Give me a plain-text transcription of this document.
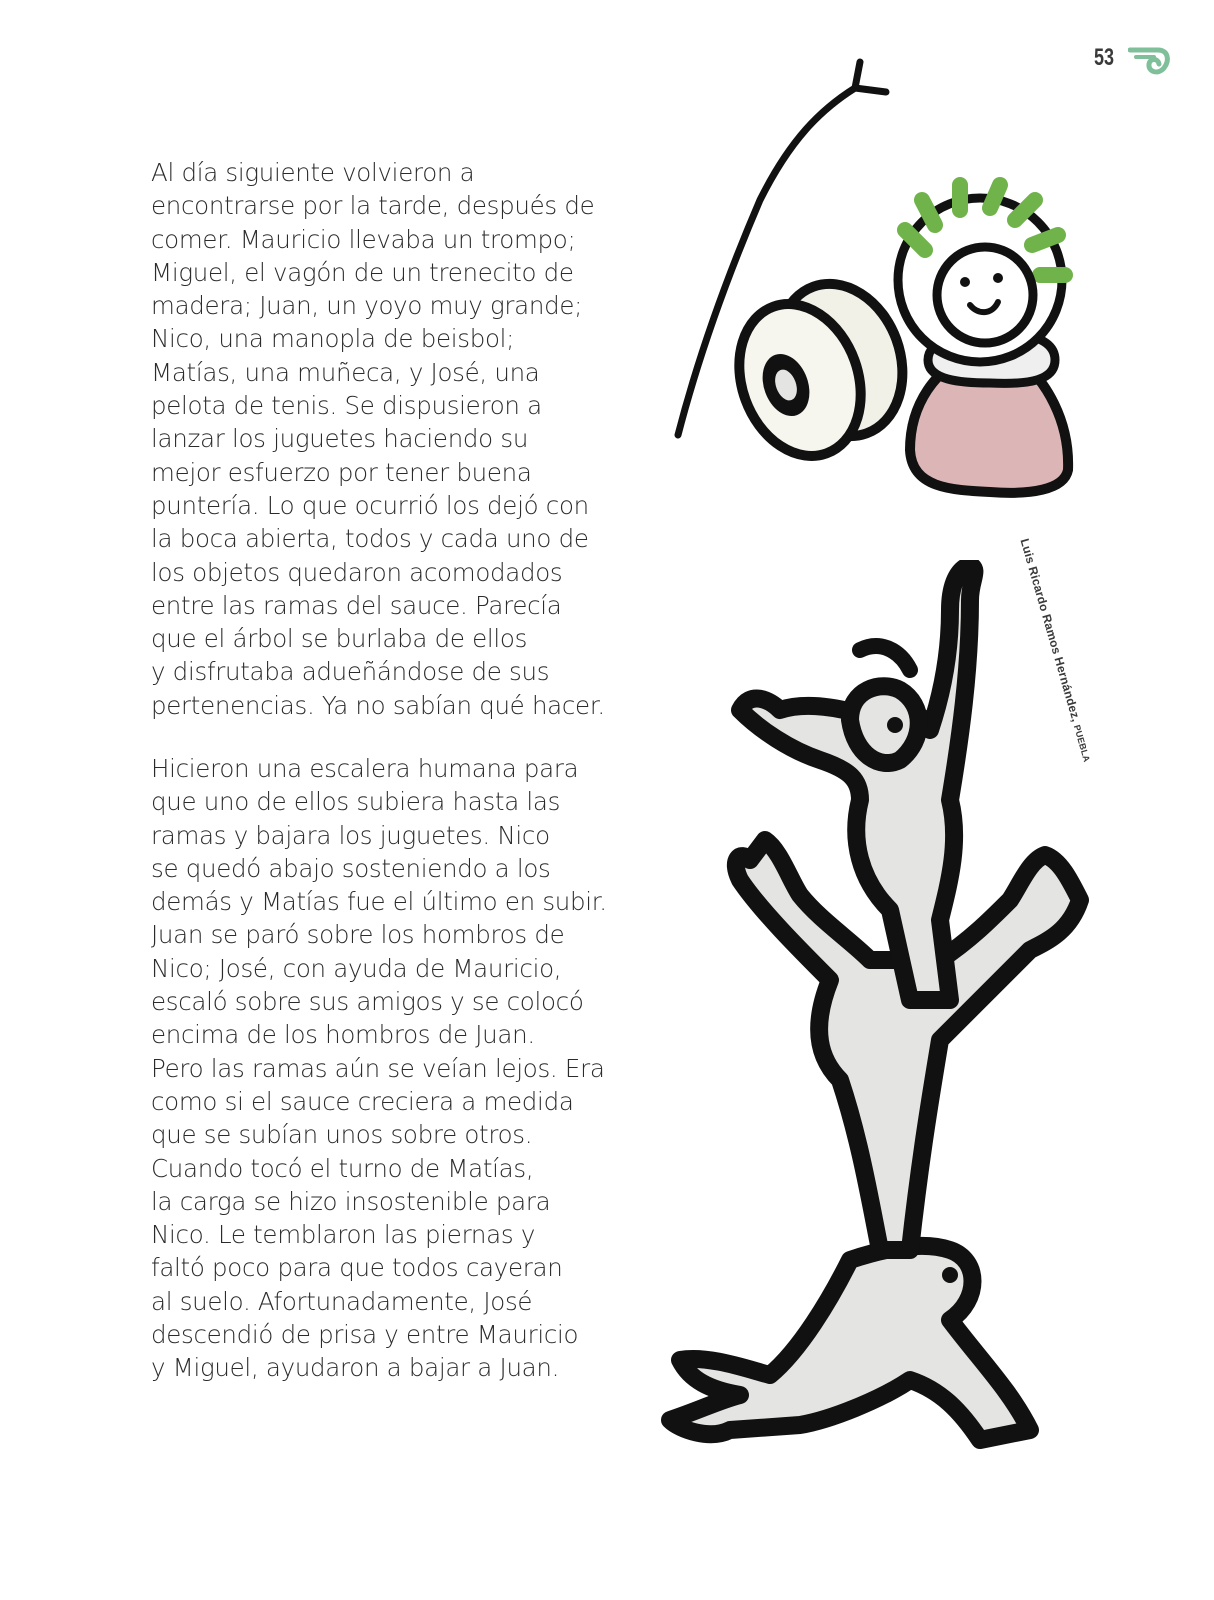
53
Al día siguiente volvieron a
encontrarse por la tarde, después de
comer. Mauricio llevaba un trompo;
Miguel, el vagón de un trenecito de
madera; Juan, un yoyo muy grande;
Nico, una manopla de beisbol;
Matías, una muñeca, y José, una
pelota de tenis. Se dispusieron a
lanzar los juguetes haciendo su
mejor esfuerzo por tener buena
puntería. Lo que ocurrió los dejó con
la boca abierta, todos y cada uno de
los objetos quedaron acomodados
entre las ramas del sauce. Parecía
que el árbol se burlaba de ellos
y disfrutaba adueñándose de sus
pertenencias. Ya no sabían qué hacer.
Hicieron una escalera humana para
que uno de ellos subiera hasta las
ramas y bajara los juguetes. Nico
se quedó abajo sosteniendo a los
demás y Matías fue el último en subir.
Juan se paró sobre los hombros de
Nico; José, con ayuda de Mauricio,
escaló sobre sus amigos y se colocó
encima de los hombros de Juan.
Pero las ramas aún se veían lejos. Era
como si el sauce creciera a medida
que se subían unos sobre otros.
Cuando tocó el turno de Matías,
la carga se hizo insostenible para
Nico. Le temblaron las piernas y
faltó poco para que todos cayeran
al suelo. Afortunadamente, José
descendió de prisa y entre Mauricio
y Miguel, ayudaron a bajar a Juan.
Luis Ricardo Ramos Hernández, PUEBLA
